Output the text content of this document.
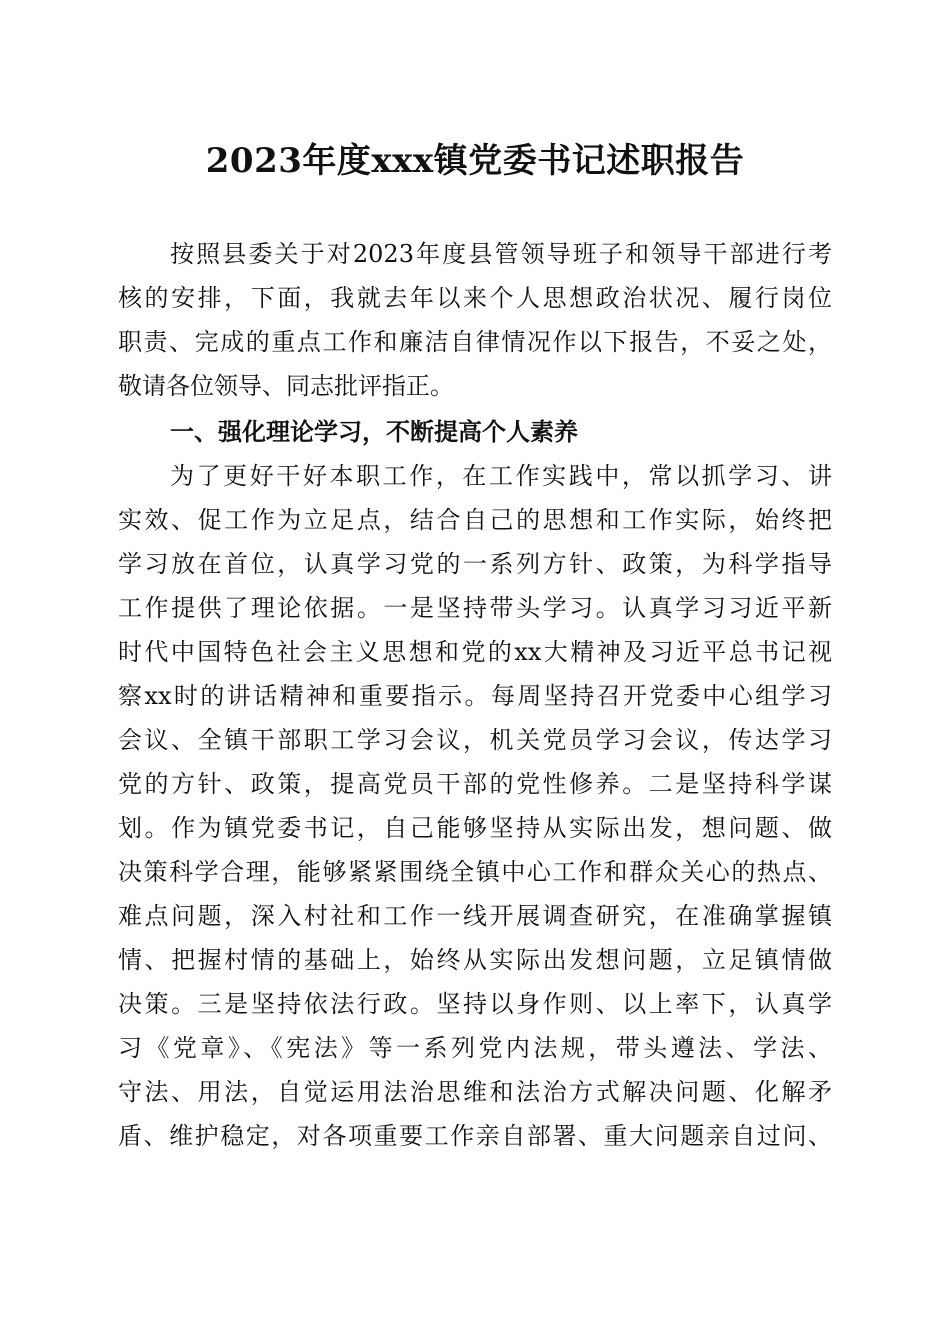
2023年度xxx镇党委书记述职报告
按照县委关于对2023年度县管领导班子和领导干部进行考
核的安排，下面，我就去年以来个人思想政治状况、履行岗位
职责、完成的重点工作和廉洁自律情况作以下报告，不妥之处，
敬请各位领导、同志批评指正。
一、强化理论学习，不断提高个人素养
为了更好干好本职工作，在工作实践中，常以抓学习、讲
实效、促工作为立足点，结合自己的思想和工作实际，始终把
学习放在首位，认真学习党的一系列方针、政策，为科学指导
工作提供了理论依据。一是坚持带头学习。认真学习习近平新
时代中国特色社会主义思想和党的xx大精神及习近平总书记视
察xx时的讲话精神和重要指示。每周坚持召开党委中心组学习
会议、全镇干部职工学习会议，机关党员学习会议，传达学习
党的方针、政策，提高党员干部的党性修养。二是坚持科学谋
划。作为镇党委书记，自己能够坚持从实际出发，想问题、做
决策科学合理，能够紧紧围绕全镇中心工作和群众关心的热点、
难点问题，深入村社和工作一线开展调查研究，在准确掌握镇
情、把握村情的基础上，始终从实际出发想问题，立足镇情做
决策。三是坚持依法行政。坚持以身作则、以上率下，认真学
习《党章》、《宪法》等一系列党内法规，带头遵法、学法、
守法、用法，自觉运用法治思维和法治方式解决问题、化解矛
盾、维护稳定，对各项重要工作亲自部署、重大问题亲自过问、
